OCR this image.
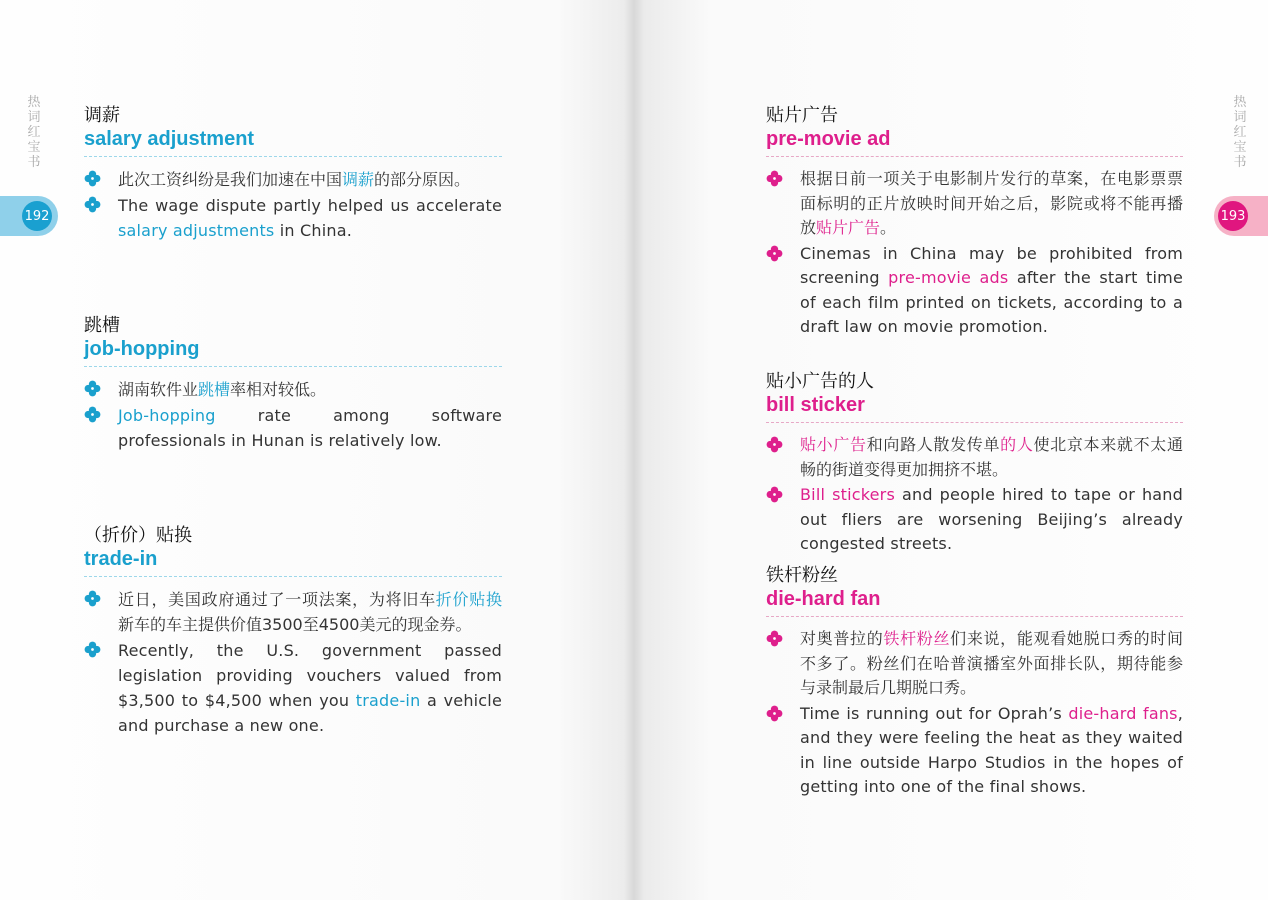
热
词
红
宝
书
192
调薪
salary adjustment
此次工资纠纷是我们加速在中国调薪的部分原因。
The wage dispute partly helped us accelerate salary adjustments in China.
跳槽
job-hopping
湖南软件业跳槽率相对较低。
Job-hopping rate among software professionals in Hunan is relatively low.
（折价）贴换
trade-in
近日，美国政府通过了一项法案，为将旧车折价贴换新车的车主提供价值3500至4500美元的现金券。
Recently, the U.S. government passed legislation providing vouchers valued from $3,500 to $4,500 when you trade-in a vehicle and purchase a new one.
热
词
红
宝
书
193
贴片广告
pre-movie ad
根据日前一项关于电影制片发行的草案，在电影票票面标明的正片放映时间开始之后，影院或将不能再播放贴片广告。
Cinemas in China may be prohibited from screening pre-movie ads after the start time of each film printed on tickets, according to a draft law on movie promotion.
贴小广告的人
bill sticker
贴小广告和向路人散发传单的人使北京本来就不太通畅的街道变得更加拥挤不堪。
Bill stickers and people hired to tape or hand out fliers are worsening Beijing’s already congested streets.
铁杆粉丝
die-hard fan
对奥普拉的铁杆粉丝们来说，能观看她脱口秀的时间不多了。粉丝们在哈普演播室外面排长队，期待能参与录制最后几期脱口秀。
Time is running out for Oprah’s die-hard fans, and they were feeling the heat as they waited in line outside Harpo Studios in the hopes of getting into one of the final shows.
